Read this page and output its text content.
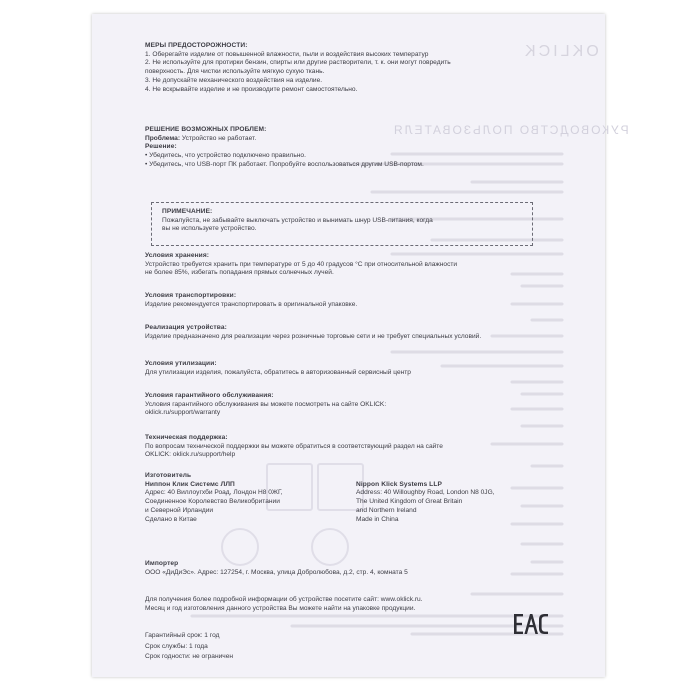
OKLICK
РУКОВОДСТВО ПОЛЬЗОВАТЕЛЯ
МЕРЫ ПРЕДОСТОРОЖНОСТИ:
1. Оберегайте изделие от повышенной влажности, пыли и воздействия высоких температур
2. Не используйте для протирки бензин, спирты или другие растворители, т. к. они могут повредить
поверхность. Для чистки используйте мягкую сухую ткань.
3. Не допускайте механического воздействия на изделие.
4. Не вскрывайте изделие и не производите ремонт самостоятельно.
РЕШЕНИЕ ВОЗМОЖНЫХ ПРОБЛЕМ:
Проблема: Устройство не работает.
Решение:
• Убедитесь, что устройство подключено правильно.
• Убедитесь, что USB-порт ПК работает. Попробуйте воспользоваться другим USB-портом.
ПРИМЕЧАНИЕ:
Пожалуйста, не забывайте выключать устройство и вынимать шнур USB-питания, когда
вы не используете устройство.
Условия хранения:
Устройство требуется хранить при температуре от 5 до 40 градусов °С при относительной влажности
не более 85%, избегать попадания прямых солнечных лучей.
Условия транспортировки:
Изделие рекомендуется транспортировать в оригинальной упаковке.
Реализация устройства:
Изделие предназначено для реализации через розничные торговые сети и не требует специальных условий.
Условия утилизации:
Для утилизации изделия, пожалуйста, обратитесь в авторизованный сервисный центр
Условия гарантийного обслуживания:
Условия гарантийного обслуживания вы можете посмотреть на сайте OKLICK:
oklick.ru/support/warranty
Техническая поддержка:
По вопросам технической поддержки вы можете обратиться в соответствующий раздел на сайте
OKLICK: oklick.ru/support/help
Изготовитель
Ниппон Клик Системс ЛЛП
Адрес: 40 Виллоугхби Роад, Лондон Н8 0ЖГ,
Соединенное Королевство Великобритании
и Северной Ирландии
Сделано в Китае
Nippon Klick Systems LLP
Address: 40 Willoughby Road, London N8 0JG,
The United Kingdom of Great Britain
and Northern Ireland
Made in China
Импортер
ООО «ДиДиЭс». Адрес: 127254, г. Москва, улица Добролюбова, д.2, стр. 4, комната 5
Для получения более подробной информации об устройстве посетите сайт: www.oklick.ru.
Месяц и год изготовления данного устройства Вы можете найти на упаковке продукции.
Гарантийный срок: 1 год
Срок службы: 1 года
Срок годности: не ограничен
